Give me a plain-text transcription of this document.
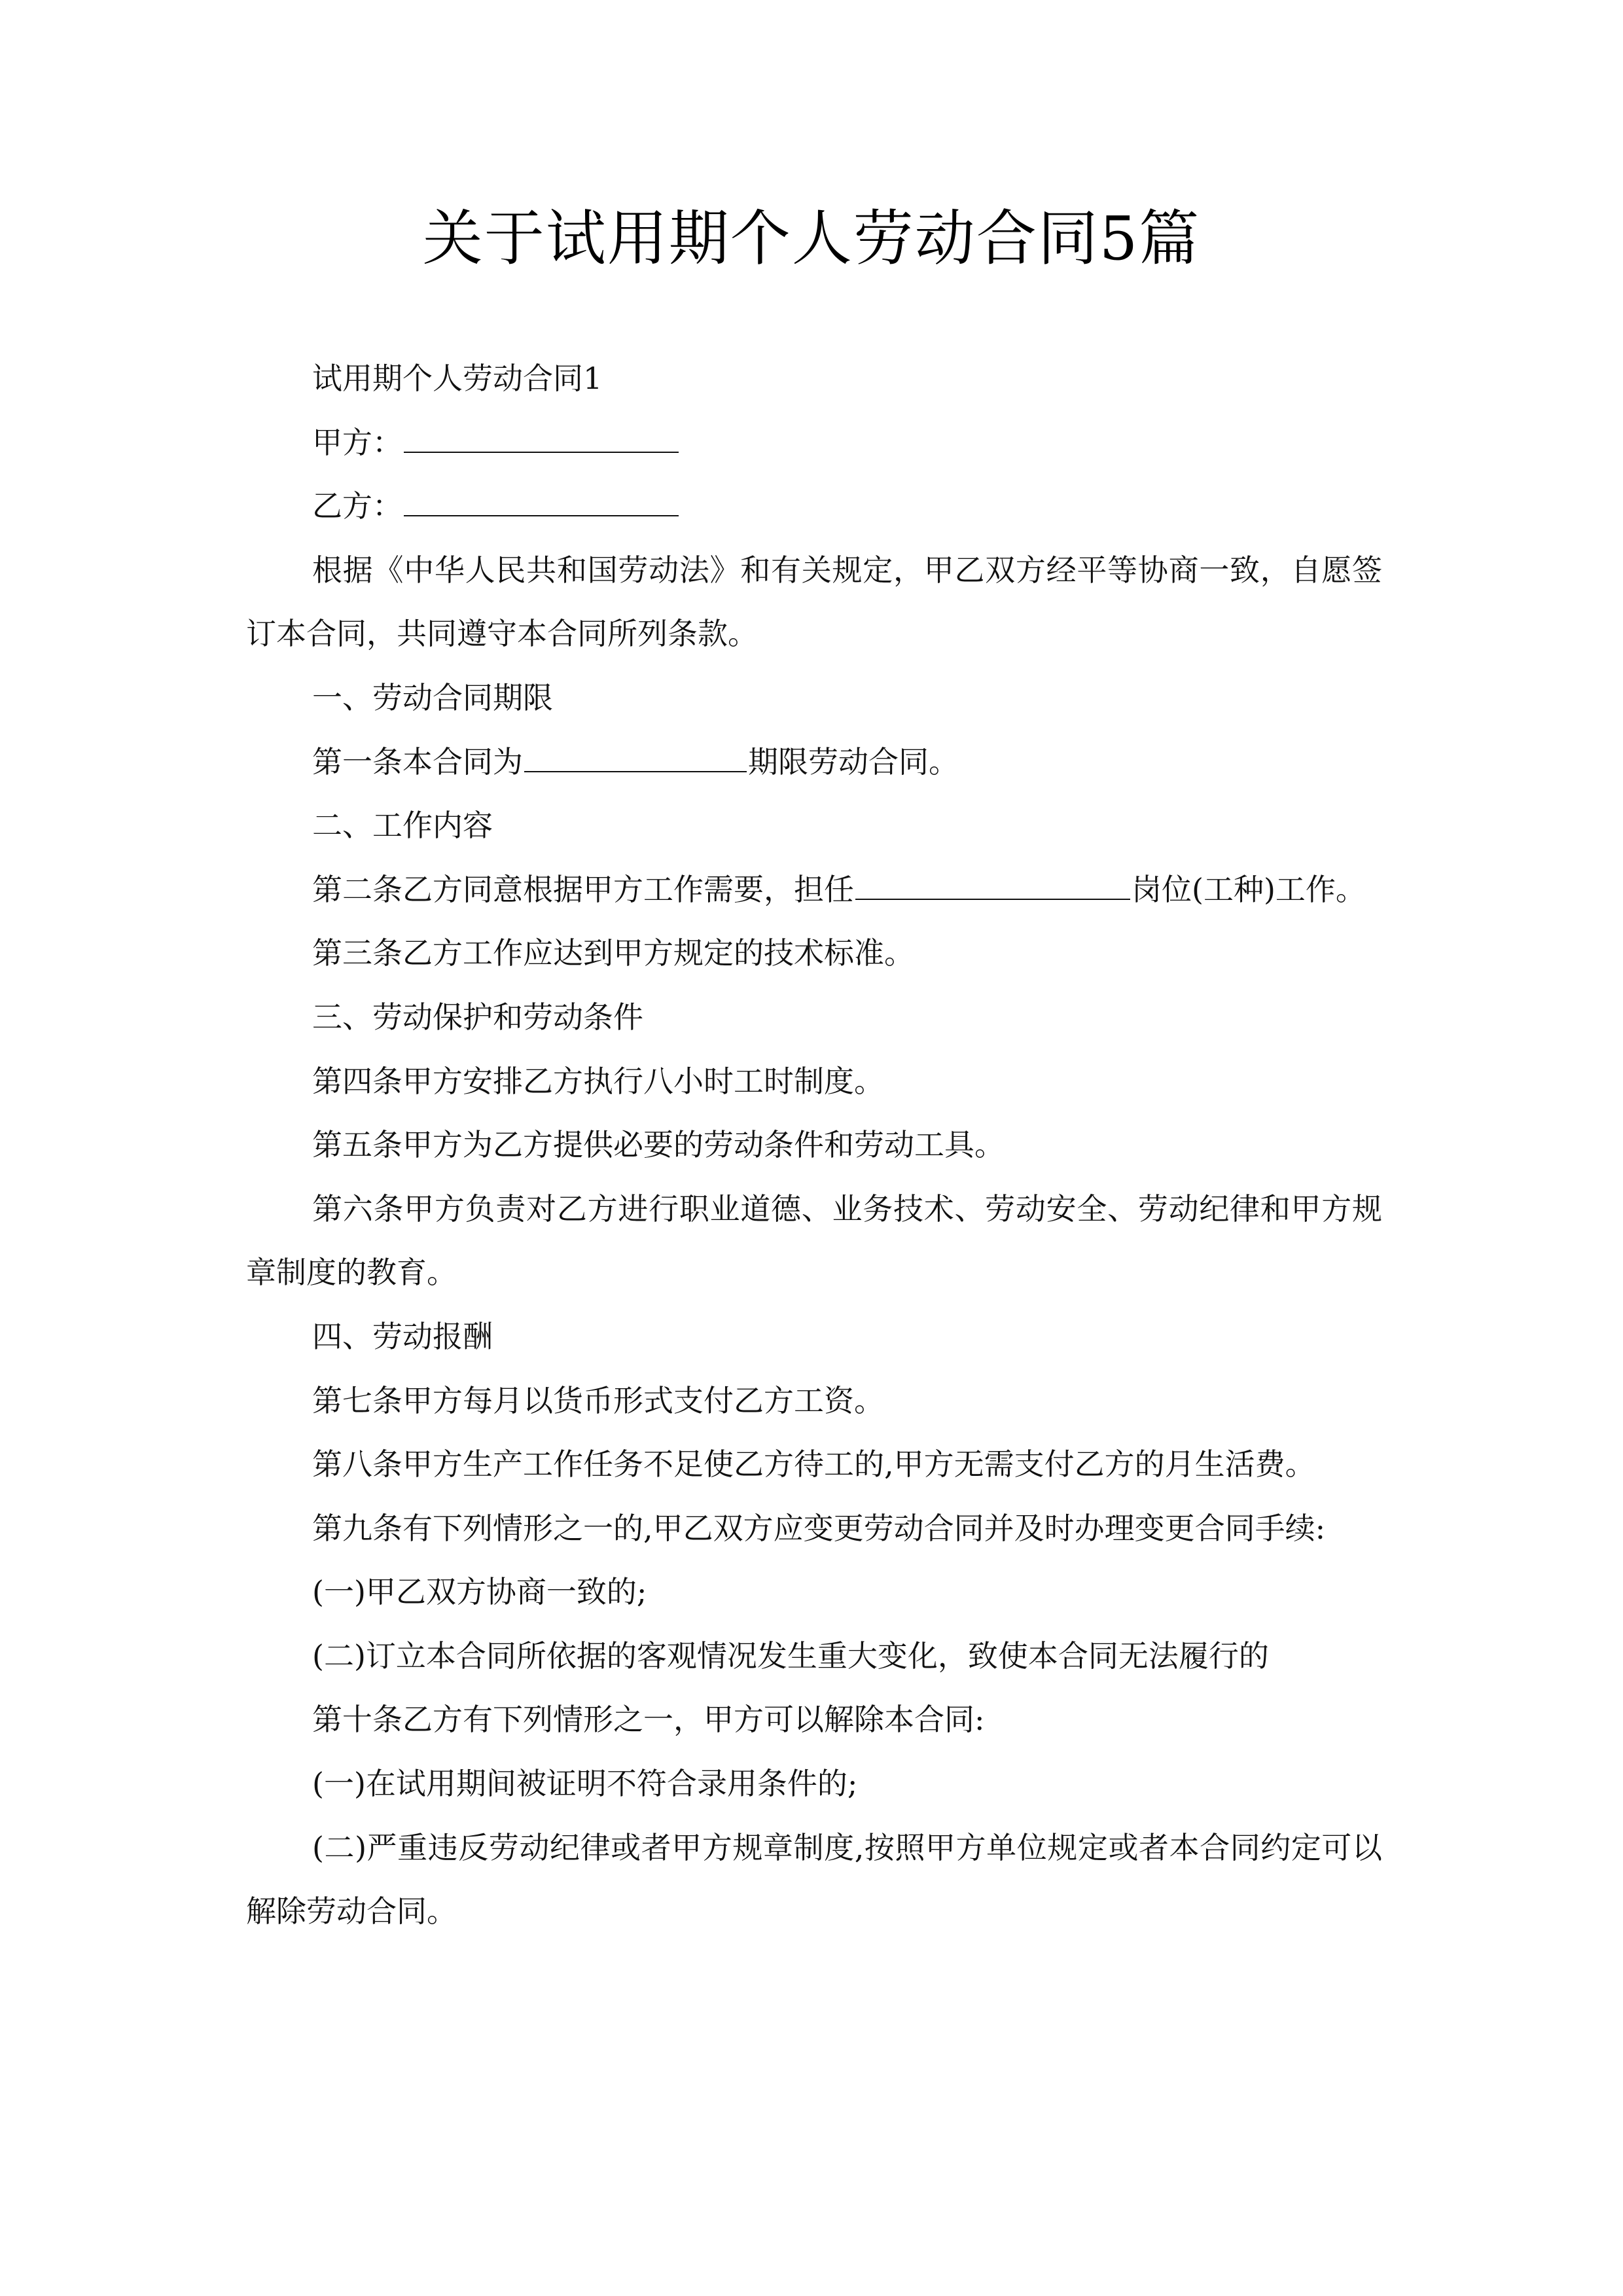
关于试用期个人劳动合同5篇

试用期个人劳动合同1

甲方：

乙方：

根据《中华人民共和国劳动法》和有关规定，甲乙双方经平等协商一致，自愿签订本合同，共同遵守本合同所列条款。

一、劳动合同期限

第一条本合同为	期限劳动合同。

二、工作内容

第二条乙方同意根据甲方工作需要，担任	岗位(工种)工作。

第三条乙方工作应达到甲方规定的技术标准。

三、劳动保护和劳动条件

第四条甲方安排乙方执行八小时工时制度。

第五条甲方为乙方提供必要的劳动条件和劳动工具。

第六条甲方负责对乙方进行职业道德、业务技术、劳动安全、劳动纪律和甲方规章制度的教育。

四、劳动报酬

第七条甲方每月以货币形式支付乙方工资。

第八条甲方生产工作任务不足使乙方待工的,甲方无需支付乙方的月生活费。

第九条有下列情形之一的,甲乙双方应变更劳动合同并及时办理变更合同手续:

(一)甲乙双方协商一致的;

(二)订立本合同所依据的客观情况发生重大变化，致使本合同无法履行的

第十条乙方有下列情形之一，甲方可以解除本合同:

(一)在试用期间被证明不符合录用条件的;

(二)严重违反劳动纪律或者甲方规章制度,按照甲方单位规定或者本合同约定可以解除劳动合同。
